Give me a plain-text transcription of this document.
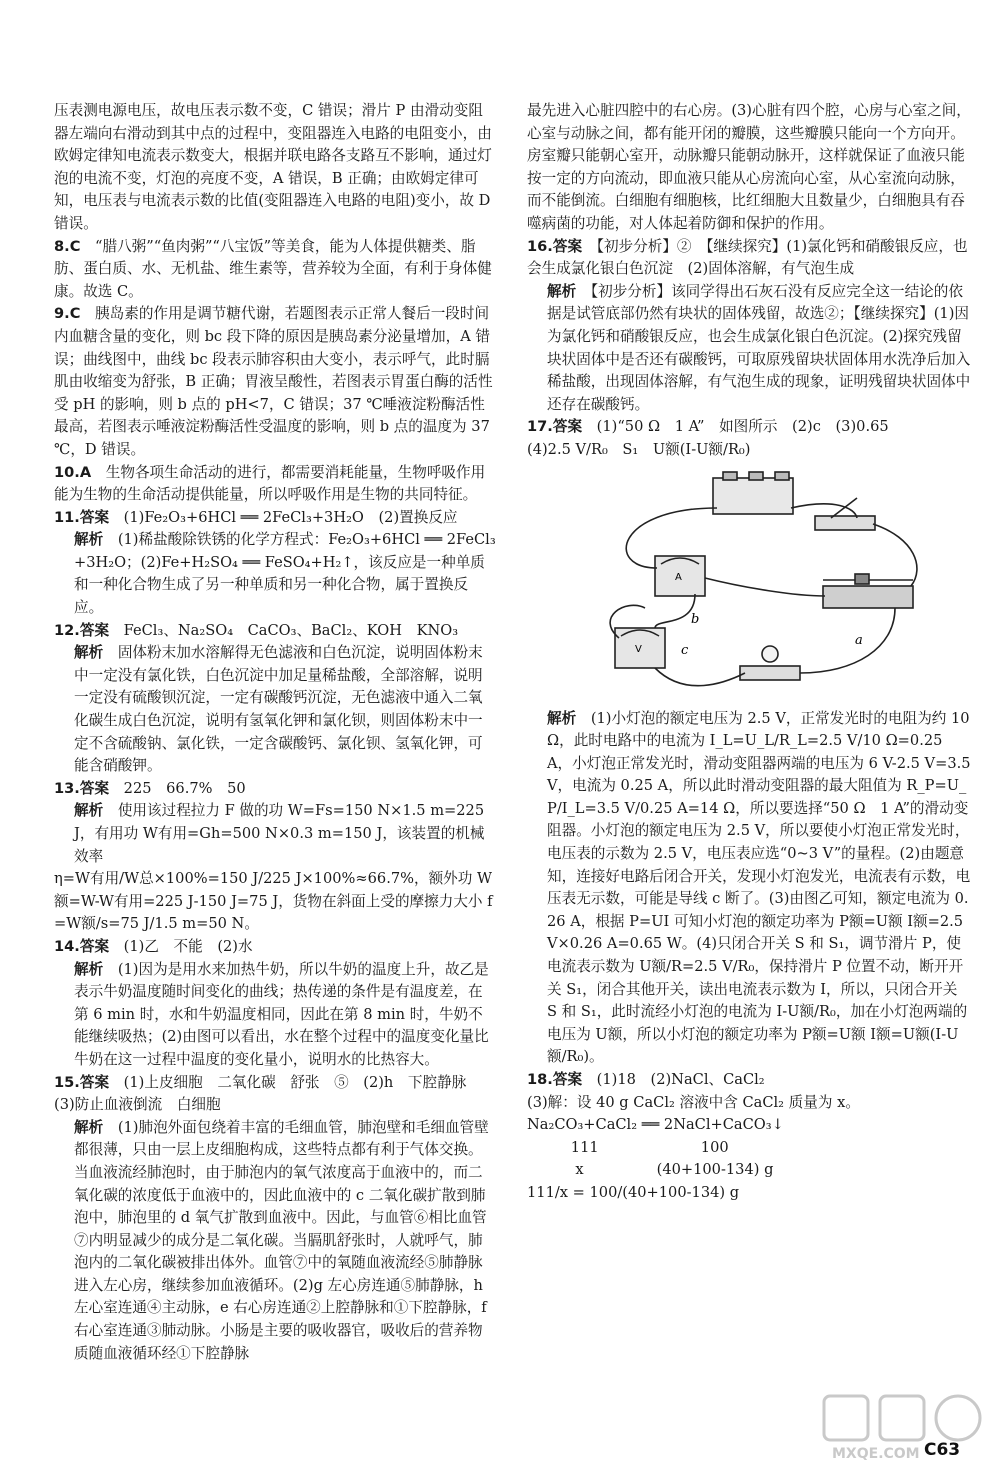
压表测电源电压，故电压表示数不变，C 错误；滑片 P 由滑动变阻器左端向右滑动到其中点的过程中，变阻器连入电路的电阻变小，由欧姆定律知电流表示数变大，根据并联电路各支路互不影响，通过灯泡的电流不变，灯泡的亮度不变，A 错误，B 正确；由欧姆定律可知，电压表与电流表示数的比值(变阻器连入电路的电阻)变小，故 D 错误。

8.C　 “腊八粥”“鱼肉粥”“八宝饭”等美食，能为人体提供糖类、脂肪、蛋白质、水、无机盐、维生素等，营养较为全面，有利于身体健康。故选 C。

9.C　 胰岛素的作用是调节糖代谢，若题图表示正常人餐后一段时间内血糖含量的变化，则 bc 段下降的原因是胰岛素分泌量增加，A 错误；曲线图中，曲线 bc 段表示肺容积由大变小，表示呼气，此时膈肌由收缩变为舒张，B 正确；胃液呈酸性，若图表示胃蛋白酶的活性受 pH 的影响，则 b 点的 pH<7，C 错误；37 ℃唾液淀粉酶活性最高，若图表示唾液淀粉酶活性受温度的影响，则 b 点的温度为 37 ℃，D 错误。

10.A　 生物各项生命活动的进行，都需要消耗能量，生物呼吸作用能为生物的生命活动提供能量，所以呼吸作用是生物的共同特征。

11.答案　 (1)Fe₂O₃+6HCl ══ 2FeCl₃+3H₂O　(2)置换反应

解析　 (1)稀盐酸除铁锈的化学方程式：Fe₂O₃+6HCl ══ 2FeCl₃+3H₂O；(2)Fe+H₂SO₄ ══ FeSO₄+H₂↑，该反应是一种单质和一种化合物生成了另一种单质和另一种化合物，属于置换反应。

12.答案　 FeCl₃、Na₂SO₄　CaCO₃、BaCl₂、KOH　KNO₃

解析　 固体粉末加水溶解得无色滤液和白色沉淀，说明固体粉末中一定没有氯化铁，白色沉淀中加足量稀盐酸，全部溶解，说明一定没有硫酸钡沉淀，一定有碳酸钙沉淀，无色滤液中通入二氧化碳生成白色沉淀，说明有氢氧化钾和氯化钡，则固体粉末中一定不含硫酸钠、氯化铁，一定含碳酸钙、氯化钡、氢氧化钾，可能含硝酸钾。

13.答案　 225　66.7%　50

解析　 使用该过程拉力 F 做的功 W=Fs=150 N×1.5 m=225 J，有用功 W有用=Gh=500 N×0.3 m=150 J，该装置的机械效率

η=W有用/W总×100%=150 J/225 J×100%≈66.7%，额外功 W额=W-W有用=225 J-150 J=75 J，货物在斜面上受的摩擦力大小 f=W额/s=75 J/1.5 m=50 N。

14.答案　 (1)乙　不能　(2)水

解析　 (1)因为是用水来加热牛奶，所以牛奶的温度上升，故乙是表示牛奶温度随时间变化的曲线；热传递的条件是有温度差，在第 6 min 时，水和牛奶温度相同，因此在第 8 min 时，牛奶不能继续吸热；(2)由图可以看出，水在整个过程中的温度变化量比牛奶在这一过程中温度的变化量小，说明水的比热容大。

15.答案　 (1)上皮细胞　二氧化碳　舒张　⑤　(2)h　下腔静脉　(3)防止血液倒流　白细胞

解析　 (1)肺泡外面包绕着丰富的毛细血管，肺泡壁和毛细血管壁都很薄，只由一层上皮细胞构成，这些特点都有利于气体交换。当血液流经肺泡时，由于肺泡内的氧气浓度高于血液中的，而二氧化碳的浓度低于血液中的，因此血液中的 c 二氧化碳扩散到肺泡中，肺泡里的 d 氧气扩散到血液中。因此，与血管⑥相比血管⑦内明显减少的成分是二氧化碳。当膈肌舒张时，人就呼气，肺泡内的二氧化碳被排出体外。血管⑦中的氧随血液流经⑤肺静脉进入左心房，继续参加血液循环。(2)g 左心房连通⑤肺静脉，h 左心室连通④主动脉，e 右心房连通②上腔静脉和①下腔静脉，f 右心室连通③肺动脉。小肠是主要的吸收器官，吸收后的营养物质随血液循环经①下腔静脉

最先进入心脏四腔中的右心房。(3)心脏有四个腔，心房与心室之间，心室与动脉之间，都有能开闭的瓣膜，这些瓣膜只能向一个方向开。房室瓣只能朝心室开，动脉瓣只能朝动脉开，这样就保证了血液只能按一定的方向流动，即血液只能从心房流向心室，从心室流向动脉，而不能倒流。白细胞有细胞核，比红细胞大且数量少，白细胞具有吞噬病菌的功能，对人体起着防御和保护的作用。

16.答案　 【初步分析】②　【继续探究】(1)氯化钙和硝酸银反应，也会生成氯化银白色沉淀　(2)固体溶解，有气泡生成

解析　 【初步分析】该同学得出石灰石没有反应完全这一结论的依据是试管底部仍然有块状的固体残留，故选②；【继续探究】(1)因为氯化钙和硝酸银反应，也会生成氯化银白色沉淀。(2)探究残留块状固体中是否还有碳酸钙，可取原残留块状固体用水洗净后加入稀盐酸，出现固体溶解，有气泡生成的现象，证明残留块状固体中还存在碳酸钙。

17.答案　 (1)“50 Ω　1 A”　如图所示　(2)c　(3)0.65

(4)2.5 V/R₀　S₁　U额(I-U额/R₀)

b
a
c
A
V

解析　 (1)小灯泡的额定电压为 2.5 V，正常发光时的电阻为约 10 Ω，此时电路中的电流为 I_L=U_L/R_L=2.5 V/10 Ω=0.25 A，小灯泡正常发光时，滑动变阻器两端的电压为 6 V-2.5 V=3.5 V，电流为 0.25 A，所以此时滑动变阻器的最大阻值为 R_P=U_P/I_L=3.5 V/0.25 A=14 Ω，所以要选择“50 Ω　1 A”的滑动变阻器。小灯泡的额定电压为 2.5 V，所以要使小灯泡正常发光时，电压表的示数为 2.5 V，电压表应选“0~3 V”的量程。(2)由题意知，连接好电路后闭合开关，发现小灯泡发光，电流表有示数，电压表无示数，可能是导线 c 断了。(3)由图乙可知，额定电流为 0.26 A，根据 P=UI 可知小灯泡的额定功率为 P额=U额 I额=2.5 V×0.26 A=0.65 W。(4)只闭合开关 S 和 S₁，调节滑片 P，使电流表示数为 U额/R=2.5 V/R₀，保持滑片 P 位置不动，断开开关 S₁，闭合其他开关，读出电流表示数为 I，所以，只闭合开关 S 和 S₁，此时流经小灯泡的电流为 I-U额/R₀，加在小灯泡两端的电压为 U额，所以小灯泡的额定功率为 P额=U额 I额=U额(I-U额/R₀)。

18.答案　 (1)18　(2)NaCl、CaCl₂

(3)解：设 40 g CaCl₂ 溶液中含 CaCl₂ 质量为 x。

Na₂CO₃+CaCl₂ ══ 2NaCl+CaCO₃↓

　　　111　　　　　　　100

　　　 x　　　　　(40+100-134) g

111/x = 100/(40+100-134) g

C63
MXQE.COM
